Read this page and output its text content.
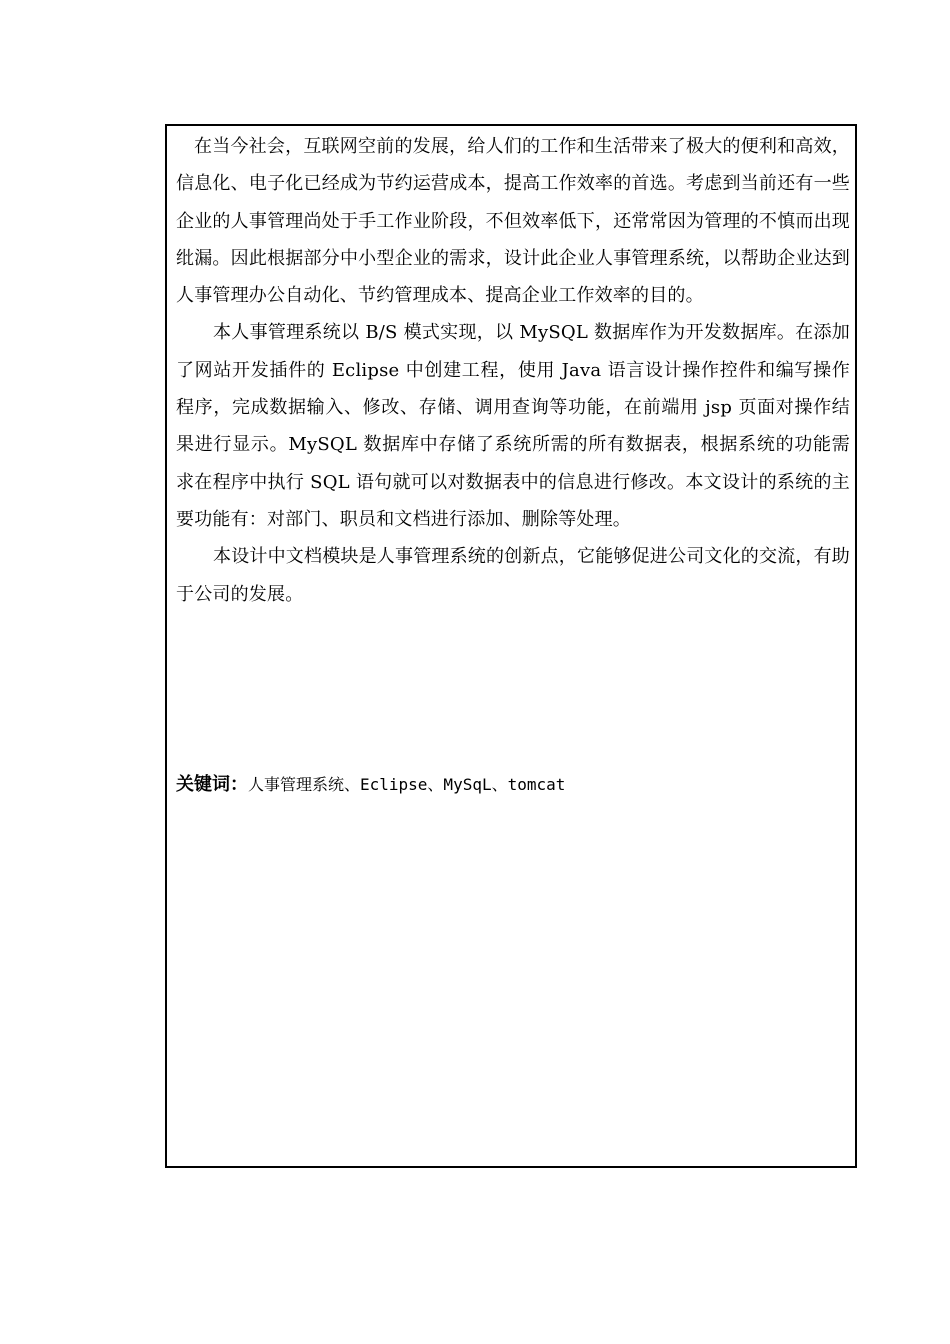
在当今社会，互联网空前的发展，给人们的工作和生活带来了极大的便利和高效，信息化、电子化已经成为节约运营成本，提高工作效率的首选。考虑到当前还有一些企业的人事管理尚处于手工作业阶段，不但效率低下，还常常因为管理的不慎而出现纰漏。因此根据部分中小型企业的需求，设计此企业人事管理系统，以帮助企业达到人事管理办公自动化、节约管理成本、提高企业工作效率的目的。

本人事管理系统以 B/S 模式实现，以 MySQL 数据库作为开发数据库。在添加了网站开发插件的 Eclipse 中创建工程，使用 Java 语言设计操作控件和编写操作程序，完成数据输入、修改、存储、调用查询等功能，在前端用 jsp 页面对操作结果进行显示。MySQL 数据库中存储了系统所需的所有数据表，根据系统的功能需求在程序中执行 SQL 语句就可以对数据表中的信息进行修改。本文设计的系统的主要功能有：对部门、职员和文档进行添加、删除等处理。

本设计中文档模块是人事管理系统的创新点，它能够促进公司文化的交流，有助于公司的发展。

关键词：人事管理系统、Eclipse、MySqL、tomcat
